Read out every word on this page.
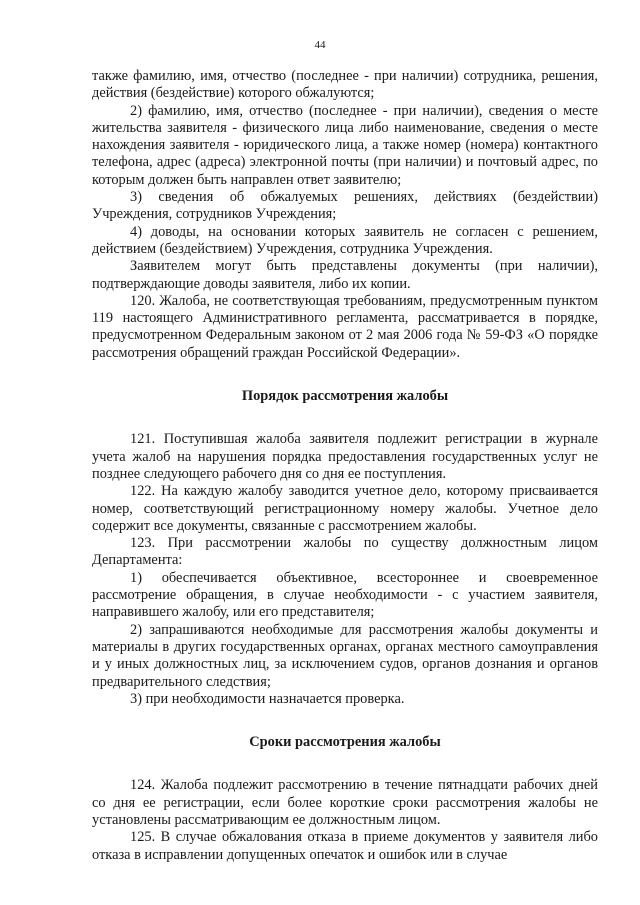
44

также фамилию, имя, отчество (последнее - при наличии) сотрудника, решения, действия (бездействие) которого обжалуются;

2) фамилию, имя, отчество (последнее - при наличии), сведения о месте жительства заявителя - физического лица либо наименование, сведения о месте нахождения заявителя - юридического лица, а также номер (номера) контактного телефона, адрес (адреса) электронной почты (при наличии) и почтовый адрес, по которым должен быть направлен ответ заявителю;

3) сведения об обжалуемых решениях, действиях (бездействии) Учреждения, сотрудников Учреждения;

4) доводы, на основании которых заявитель не согласен с решением, действием (бездействием) Учреждения, сотрудника Учреждения.

Заявителем могут быть представлены документы (при наличии), подтверждающие доводы заявителя, либо их копии.

120. Жалоба, не соответствующая требованиям, предусмотренным пунктом 119 настоящего Административного регламента, рассматривается в порядке, предусмотренном Федеральным законом от 2 мая 2006 года № 59-ФЗ «О порядке рассмотрения обращений граждан Российской Федерации».

Порядок рассмотрения жалобы

121. Поступившая жалоба заявителя подлежит регистрации в журнале учета жалоб на нарушения порядка предоставления государственных услуг не позднее следующего рабочего дня со дня ее поступления.

122. На каждую жалобу заводится учетное дело, которому присваивается номер, соответствующий регистрационному номеру жалобы. Учетное дело содержит все документы, связанные с рассмотрением жалобы.

123. При рассмотрении жалобы по существу должностным лицом Департамента:

1) обеспечивается объективное, всестороннее и своевременное рассмотрение обращения, в случае необходимости - с участием заявителя, направившего жалобу, или его представителя;

2) запрашиваются необходимые для рассмотрения жалобы документы и материалы в других государственных органах, органах местного самоуправления и у иных должностных лиц, за исключением судов, органов дознания и органов предварительного следствия;

3) при необходимости назначается проверка.

Сроки рассмотрения жалобы

124. Жалоба подлежит рассмотрению в течение пятнадцати рабочих дней со дня ее регистрации, если более короткие сроки рассмотрения жалобы не установлены рассматривающим ее должностным лицом.

125. В случае обжалования отказа в приеме документов у заявителя либо отказа в исправлении допущенных опечаток и ошибок или в случае
